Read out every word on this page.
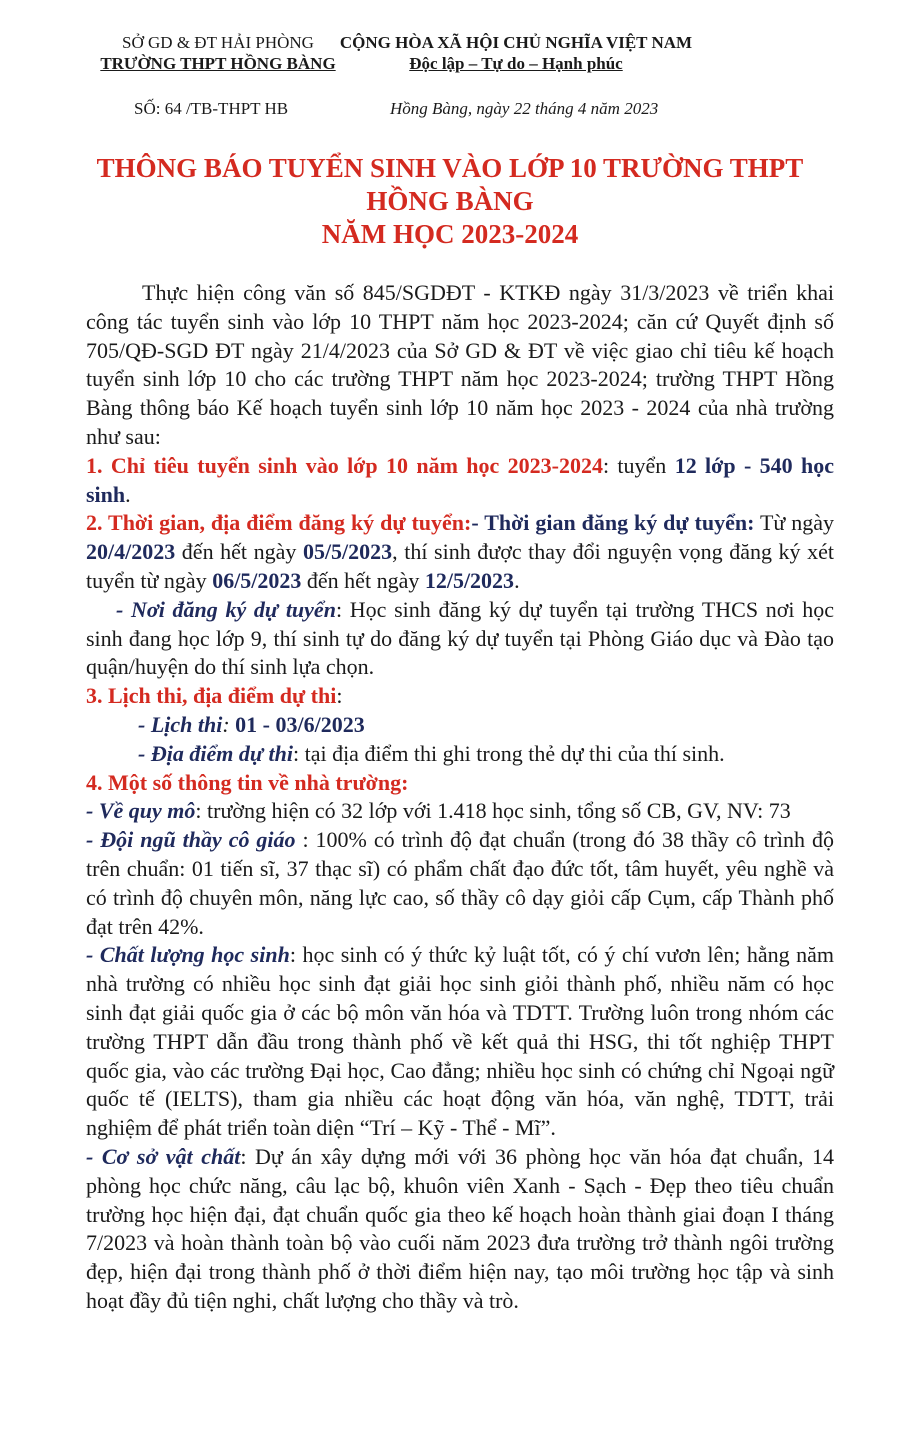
SỞ GD & ĐT HẢI PHÒNG
TRƯỜNG THPT HỒNG BÀNG
CỘNG HÒA XÃ HỘI CHỦ NGHĨA VIỆT NAM
Độc lập – Tự do – Hạnh phúc
SỐ: 64 /TB-THPT HB	Hồng Bàng, ngày 22 tháng 4 năm 2023
THÔNG BÁO TUYỂN SINH VÀO LỚP 10 TRƯỜNG THPT
HỒNG BÀNG
NĂM HỌC 2023-2024

Thực hiện công văn số 845/SGDĐT - KTKĐ ngày 31/3/2023 về triển khai công tác tuyển sinh vào lớp 10 THPT năm học 2023-2024; căn cứ Quyết định số 705/QĐ-SGD ĐT ngày 21/4/2023 của Sở GD & ĐT về việc giao chỉ tiêu kế hoạch tuyển sinh lớp 10 cho các trường THPT năm học 2023-2024; trường THPT Hồng Bàng thông báo Kế hoạch tuyển sinh lớp 10 năm học 2023 - 2024 của nhà trường như sau:

1. Chỉ tiêu tuyển sinh vào lớp 10 năm học 2023-2024: tuyển 12 lớp - 540 học sinh.

2. Thời gian, địa điểm đăng ký dự tuyển:- Thời gian đăng ký dự tuyển: Từ ngày 20/4/2023 đến hết ngày 05/5/2023, thí sinh được thay đổi nguyện vọng đăng ký xét tuyển từ ngày 06/5/2023 đến hết ngày 12/5/2023.

- Nơi đăng ký dự tuyển: Học sinh đăng ký dự tuyển tại trường THCS nơi học sinh đang học lớp 9, thí sinh tự do đăng ký dự tuyển tại Phòng Giáo dục và Đào tạo quận/huyện do thí sinh lựa chọn.

3. Lịch thi, địa điểm dự thi:

- Lịch thi: 01 - 03/6/2023

- Địa điểm dự thi: tại địa điểm thi ghi trong thẻ dự thi của thí sinh.

4. Một số thông tin về nhà trường:

- Về quy mô: trường hiện có 32 lớp với 1.418 học sinh, tổng số CB, GV, NV: 73

- Đội ngũ thầy cô giáo : 100% có trình độ đạt chuẩn (trong đó 38 thầy cô trình độ trên chuẩn: 01 tiến sĩ, 37 thạc sĩ) có phẩm chất đạo đức tốt, tâm huyết, yêu nghề và có trình độ chuyên môn, năng lực cao, số thầy cô dạy giỏi cấp Cụm, cấp Thành phố đạt trên 42%.

- Chất lượng học sinh: học sinh có ý thức kỷ luật tốt, có ý chí vươn lên; hằng năm nhà trường có nhiều học sinh đạt giải học sinh giỏi thành phố, nhiều năm có học sinh đạt giải quốc gia ở các bộ môn văn hóa và TDTT. Trường luôn trong nhóm các trường THPT dẫn đầu trong thành phố về kết quả thi HSG, thi tốt nghiệp THPT quốc gia, vào các trường Đại học, Cao đẳng; nhiều học sinh có chứng chỉ Ngoại ngữ quốc tế (IELTS), tham gia nhiều các hoạt động văn hóa, văn nghệ, TDTT, trải nghiệm để phát triển toàn diện “Trí – Kỹ - Thể - Mĩ”.

- Cơ sở vật chất: Dự án xây dựng mới với 36 phòng học văn hóa đạt chuẩn, 14 phòng học chức năng, câu lạc bộ, khuôn viên Xanh - Sạch - Đẹp theo tiêu chuẩn trường học hiện đại, đạt chuẩn quốc gia theo kế hoạch hoàn thành giai đoạn I tháng 7/2023 và hoàn thành toàn bộ vào cuối năm 2023 đưa trường trở thành ngôi trường đẹp, hiện đại trong thành phố ở thời điểm hiện nay, tạo môi trường học tập và sinh hoạt đầy đủ tiện nghi, chất lượng cho thầy và trò.
